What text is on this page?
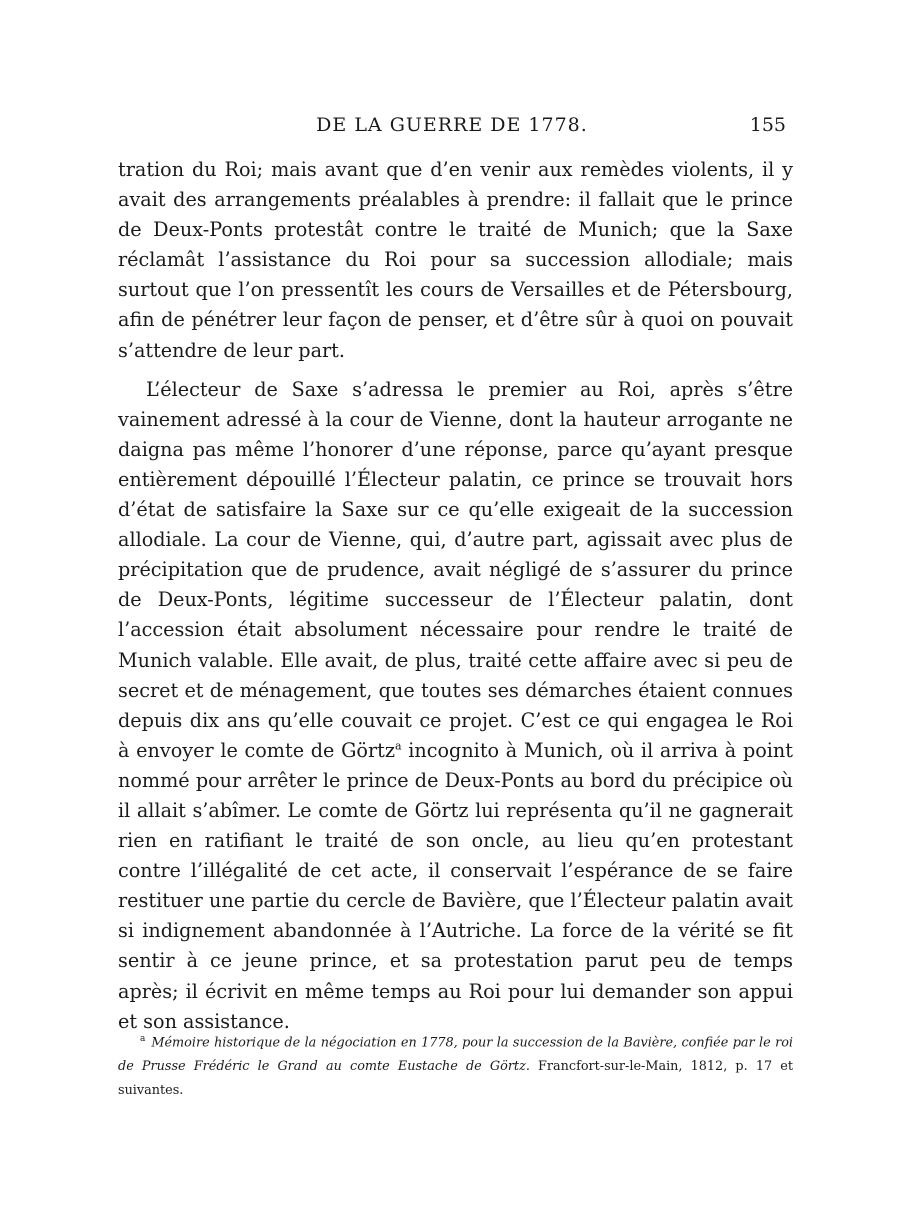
DE LA GUERRE DE 1778.	155

tration du Roi; mais avant que d’en venir aux remèdes violents, il y avait des arrangements préalables à prendre: il fallait que le prince de Deux-Ponts protestât contre le traité de Munich; que la Saxe réclamât l’assistance du Roi pour sa succession allodiale; mais surtout que l’on pressentît les cours de Versailles et de Pétersbourg, afin de pénétrer leur façon de penser, et d’être sûr à quoi on pouvait s’attendre de leur part.

L’électeur de Saxe s’adressa le premier au Roi, après s’être vainement adressé à la cour de Vienne, dont la hauteur arrogante ne daigna pas même l’honorer d’une réponse, parce qu’ayant presque entièrement dépouillé l’Électeur palatin, ce prince se trouvait hors d’état de satisfaire la Saxe sur ce qu’elle exigeait de la succession allodiale. La cour de Vienne, qui, d’autre part, agissait avec plus de précipitation que de prudence, avait négligé de s’assurer du prince de Deux-Ponts, légitime successeur de l’Électeur palatin, dont l’accession était absolument nécessaire pour rendre le traité de Munich valable. Elle avait, de plus, traité cette affaire avec si peu de secret et de ménagement, que toutes ses démarches étaient connues depuis dix ans qu’elle couvait ce projet. C’est ce qui engagea le Roi à envoyer le comte de Görtz$^a$ incognito à Munich, où il arriva à point nommé pour arrêter le prince de Deux-Ponts au bord du précipice où il allait s’abîmer. Le comte de Görtz lui représenta qu’il ne gagnerait rien en ratifiant le traité de son oncle, au lieu qu’en protestant contre l’illégalité de cet acte, il conservait l’espérance de se faire restituer une partie du cercle de Bavière, que l’Électeur palatin avait si indignement abandonnée à l’Autriche. La force de la vérité se fit sentir à ce jeune prince, et sa protestation parut peu de temps après; il écrivit en même temps au Roi pour lui demander son appui et son assistance.

$^a$ Mémoire historique de la négociation en 1778, pour la succession de la Bavière, confiée par le roi de Prusse Frédéric le Grand au comte Eustache de Görtz. Francfort-sur-le-Main, 1812, p. 17 et suivantes.
